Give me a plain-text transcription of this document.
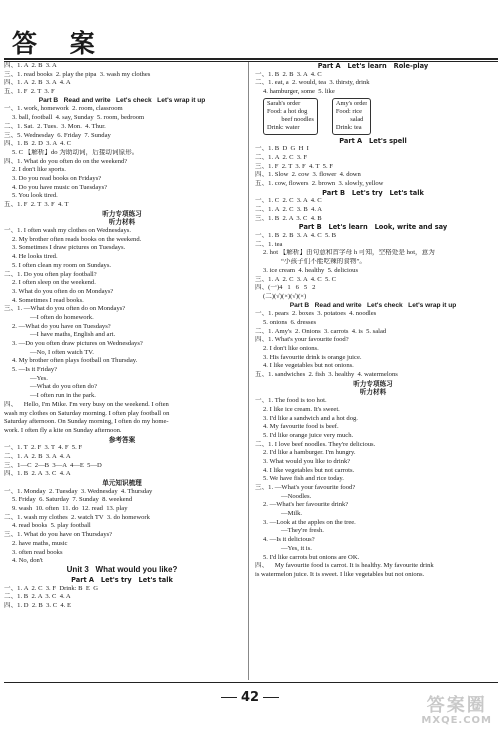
答 案
四、1. A  2. B  3. A
三、1. read books  2. play the pipa  3. wash my clothes
四、1. A  2. B  3. A  4. A
五、1. F  2. T  3. F
Part B   Read and write   Let's check   Let's wrap it up
一、1. work, homework  2. room, classroom
3. ball, football  4. say, Sunday  5. room, bedroom
二、1. Sat.  2. Tues.  3. Mon.  4. Thur.
三、5. Wednesday  6. Friday  7. Sunday
四、1. B  2. D  3. A  4. C
5. C 【解析】do 为助动词，后接动词原形。
四、1. What do you often do on the weekend?
2. I don't like sports.
3. Do you read books on Fridays?
4. Do you have music on Tuesdays?
5. You look tired.
五、1. F  2. T  3. F  4. T
听力专项练习
听力材料
一、1. I often wash my clothes on Wednesdays.
2. My brother often reads books on the weekend.
3. Sometimes I draw pictures on Tuesdays.
4. He looks tired.
5. I often clean my room on Sundays.
二、1. Do you often play football?
2. I often sleep on the weekend.
3. What do you often do on Mondays?
4. Sometimes I read books.
三、1. —What do you often do on Mondays?
—I often do homework.
2. —What do you have on Tuesdays?
—I have maths, English and art.
3. —Do you often draw pictures on Wednesdays?
—No, I often watch TV.
4. My brother often plays football on Thursday.
5. —Is it Friday?
—Yes.
—What do you often do?
—I often run in the park.
四、    Hello, I'm Mike. I'm very busy on the weekend. I often
wash my clothes on Saturday morning. I often play football on
Saturday afternoon. On Sunday morning, I often do my home-
work. I often fly a kite on Sunday afternoon.
参考答案
一、1. T  2. F  3. T  4. F  5. F
二、1. A  2. B  3. A  4. A
三、1—C  2—B  3—A  4—E  5—D
四、1. B  2. A  3. C  4. A
单元知识梳理
一、1. Monday  2. Tuesday  3. Wednesday  4. Thursday
5. Friday  6. Saturday  7. Sunday  8. weekend
9. wash  10. often  11. do  12. read  13. play
二、1. wash my clothes  2. watch TV  3. do homework
4. read books  5. play football
三、1. What do you have on Thursdays?
2. have maths, music
3. often read books
4. No, don't
Unit 3   What would you like?
Part A   Let's try   Let's talk
一、1. A  2. C  3. F  Drink: B  E  G
二、1. B  2. A  3. C  4. A
四、1. D  2. B  3. C  4. E
Part A   Let's learn   Role-play
一、1. B  2. B  3. A  4. C
二、1. eat, a  2. would, tea  3. thirsty, drink
4. hamburger, some  5. like
Sarah's order
Food: a hot dog
beef noodles
Drink: water
Amy's order
Food: rice
salad
Drink: tea
Part A   Let's spell
一、1. B  D  G  H  I
二、1. A  2. C  3. F
三、1. F  2. T  3. F  4. T  5. F
四、1. Slow  2. cow  3. flower  4. down
五、1. cow, flowers  2. brown  3. slowly, yellow
Part B   Let's try   Let's talk
一、1. C  2. C  3. A  4. C
二、1. A  2. C  3. B  4. A
三、1. B  2. A  3. C  4. B
Part B   Let's learn   Look, write and say
一、1. B  2. B  3. A  4. C  5. B
二、1. tea
2. hot 【解析】由句意和首字母 h 可知，空格处是 hot，意为
“小孩子们不能吃辣的食物”。
3. ice cream  4. healthy  5. delicious
三、1. A  2. C  3. A  4. C  5. C
四、(一)4   1   6   5   2
(二)(√)(×)(√)(×)
Part B   Read and write   Let's check   Let's wrap it up
一、1. pears  2. boxes  3. potatoes  4. noodles
5. onions  6. dresses
二、1. Amy's  2. Onions  3. carrots  4. is  5. salad
四、1. What's your favourite food?
2. I don't like onions.
3. His favourite drink is orange juice.
4. I like vegetables but not onions.
五、1. sandwiches  2. fish  3. healthy  4. watermelons
听力专项练习
听力材料
一、1. The food is too hot.
2. I like ice cream. It's sweet.
3. I'd like a sandwich and a hot dog.
4. My favourite food is beef.
5. I'd like orange juice very much.
二、1. I love beef noodles. They're delicious.
2. I'd like a hamburger. I'm hungry.
3. What would you like to drink?
4. I like vegetables but not carrots.
5. We have fish and rice today.
三、1. —What's your favourite food?
—Noodles.
2. —What's her favourite drink?
—Milk.
3. —Look at the apples on the tree.
—They're fresh.
4. —Is it delicious?
—Yes, it is.
5. I'd like carrots but onions are OK.
四、    My favourite food is carrot. It is healthy. My favourite drink
is watermelon juice. It is sweet. I like vegetables but not onions.
42	答案圈
MXQE.COM
